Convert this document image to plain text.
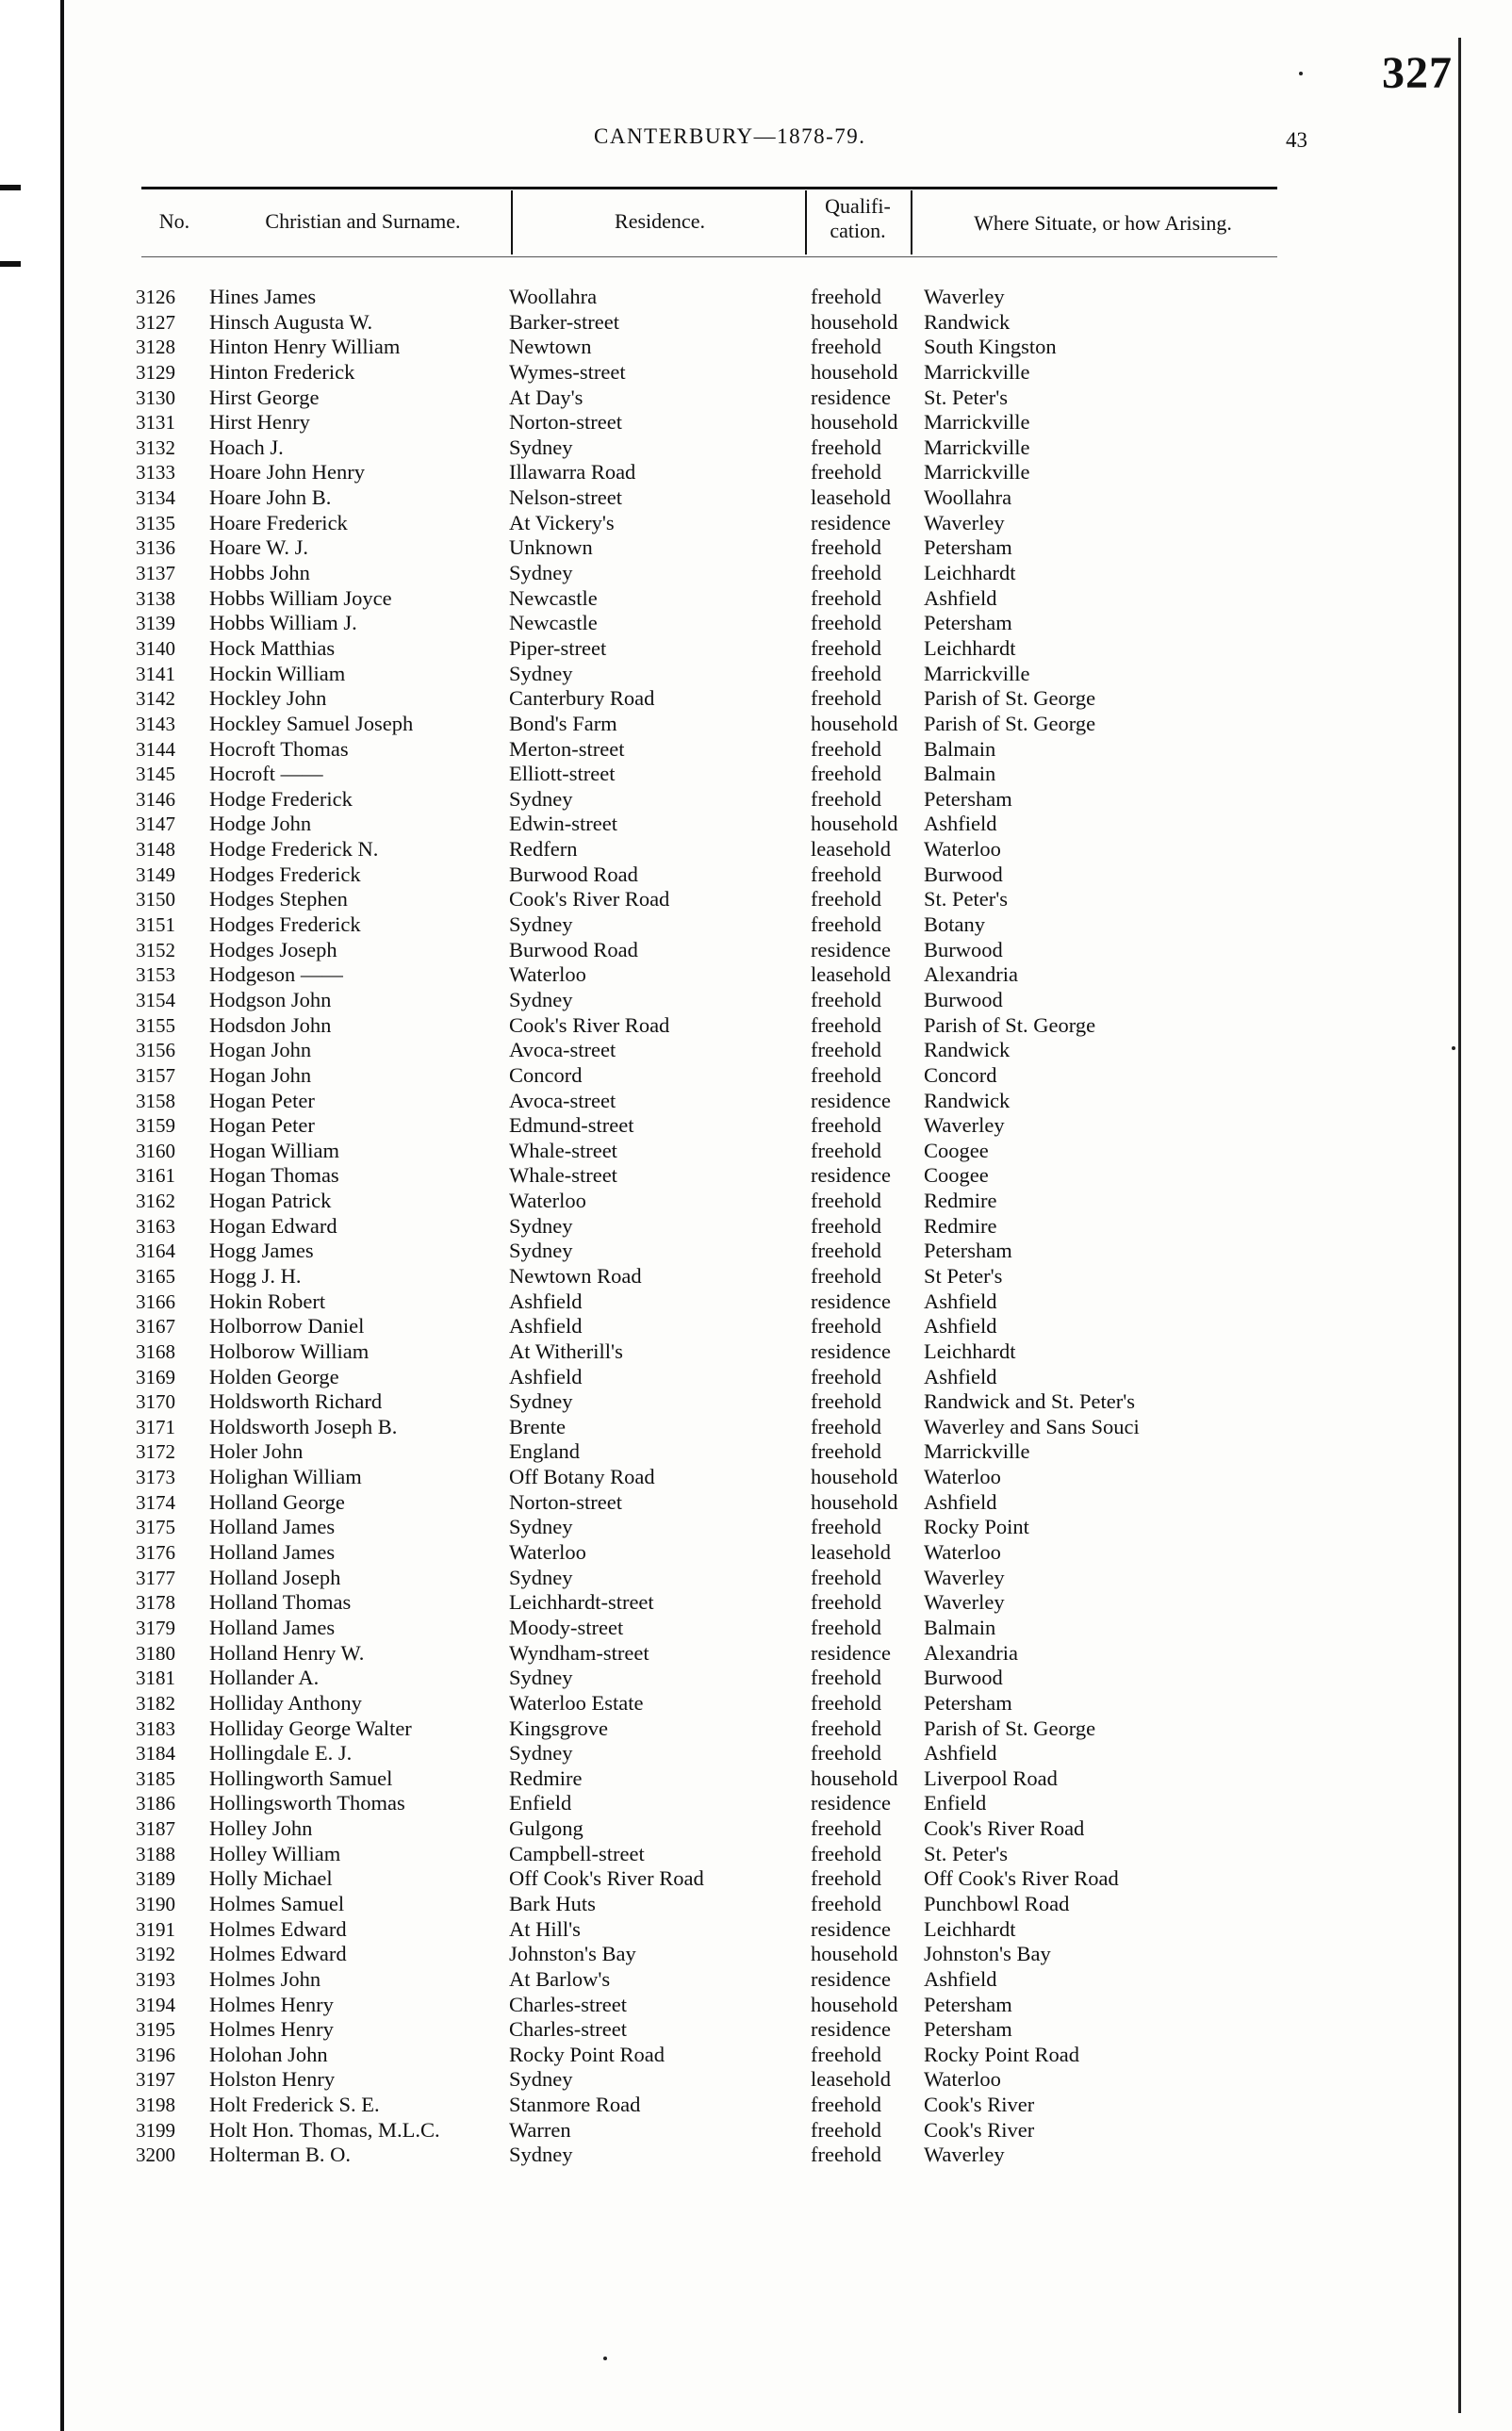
327
CANTERBURY—1878-79.	43
No.	Christian and Surname.	Residence.
Qualifi-
cation.	Where Situate, or how Arising.
3126	Hines James	Woollahra	freehold Waverley
3127	Hinsch Augusta W.	Barker-street	household Randwick
3128	Hinton Henry William	Newtown	freehold South Kingston
3129	Hinton Frederick	Wymes-street	household Marrickville
3130	Hirst George	At Day's	residence St. Peter's
3131	Hirst Henry	Norton-street	household Marrickville
3132	Hoach J.	Sydney	freehold Marrickville
3133	Hoare John Henry	Illawarra Road	freehold Marrickville
3134	Hoare John B.	Nelson-street	leasehold Woollahra
3135	Hoare Frederick	At Vickery's	residence Waverley
3136	Hoare W. J.	Unknown	freehold Petersham
3137	Hobbs John	Sydney	freehold Leichhardt
3138	Hobbs William Joyce	Newcastle	freehold Ashfield
3139	Hobbs William J.	Newcastle	freehold Petersham
3140	Hock Matthias	Piper-street	freehold Leichhardt
3141	Hockin William	Sydney	freehold Marrickville
3142	Hockley John	Canterbury Road	freehold Parish of St. George
3143	Hockley Samuel Joseph	Bond's Farm	household Parish of St. George
3144	Hocroft Thomas	Merton-street	freehold Balmain
3145	Hocroft ——	Elliott-street	freehold Balmain
3146	Hodge Frederick	Sydney	freehold Petersham
3147	Hodge John	Edwin-street	household Ashfield
3148	Hodge Frederick N.	Redfern	leasehold Waterloo
3149	Hodges Frederick	Burwood Road	freehold Burwood
3150	Hodges Stephen	Cook's River Road	freehold St. Peter's
3151	Hodges Frederick	Sydney	freehold Botany
3152	Hodges Joseph	Burwood Road	residence Burwood
3153	Hodgeson ——	Waterloo	leasehold Alexandria
3154	Hodgson John	Sydney	freehold Burwood
3155	Hodsdon John	Cook's River Road	freehold Parish of St. George
3156	Hogan John	Avoca-street	freehold Randwick
3157	Hogan John	Concord	freehold Concord
3158	Hogan Peter	Avoca-street	residence Randwick
3159	Hogan Peter	Edmund-street	freehold Waverley
3160	Hogan William	Whale-street	freehold Coogee
3161	Hogan Thomas	Whale-street	residence Coogee
3162	Hogan Patrick	Waterloo	freehold Redmire
3163	Hogan Edward	Sydney	freehold Redmire
3164	Hogg James	Sydney	freehold Petersham
3165	Hogg J. H.	Newtown Road	freehold St Peter's
3166	Hokin Robert	Ashfield	residence Ashfield
3167	Holborrow Daniel	Ashfield	freehold Ashfield
3168	Holborow William	At Witherill's	residence Leichhardt
3169	Holden George	Ashfield	freehold Ashfield
3170	Holdsworth Richard	Sydney	freehold Randwick and St. Peter's
3171	Holdsworth Joseph B.	Brente	freehold Waverley and Sans Souci
3172	Holer John	England	freehold Marrickville
3173	Holighan William	Off Botany Road	household Waterloo
3174	Holland George	Norton-street	household Ashfield
3175	Holland James	Sydney	freehold Rocky Point
3176	Holland James	Waterloo	leasehold Waterloo
3177	Holland Joseph	Sydney	freehold Waverley
3178	Holland Thomas	Leichhardt-street	freehold Waverley
3179	Holland James	Moody-street	freehold Balmain
3180	Holland Henry W.	Wyndham-street	residence Alexandria
3181	Hollander A.	Sydney	freehold Burwood
3182	Holliday Anthony	Waterloo Estate	freehold Petersham
3183	Holliday George Walter	Kingsgrove	freehold Parish of St. George
3184	Hollingdale E. J.	Sydney	freehold Ashfield
3185	Hollingworth Samuel	Redmire	household Liverpool Road
3186	Hollingsworth Thomas	Enfield	residence Enfield
3187	Holley John	Gulgong	freehold Cook's River Road
3188	Holley William	Campbell-street	freehold St. Peter's
3189	Holly Michael	Off Cook's River Road	freehold Off Cook's River Road
3190	Holmes Samuel	Bark Huts	freehold Punchbowl Road
3191	Holmes Edward	At Hill's	residence Leichhardt
3192	Holmes Edward	Johnston's Bay	household Johnston's Bay
3193	Holmes John	At Barlow's	residence Ashfield
3194	Holmes Henry	Charles-street	household Petersham
3195	Holmes Henry	Charles-street	residence Petersham
3196	Holohan John	Rocky Point Road	freehold Rocky Point Road
3197	Holston Henry	Sydney	leasehold Waterloo
3198	Holt Frederick S. E.	Stanmore Road	freehold Cook's River
3199	Holt Hon. Thomas, M.L.C.	Warren	freehold Cook's River
3200	Holterman B. O.	Sydney	freehold Waverley
